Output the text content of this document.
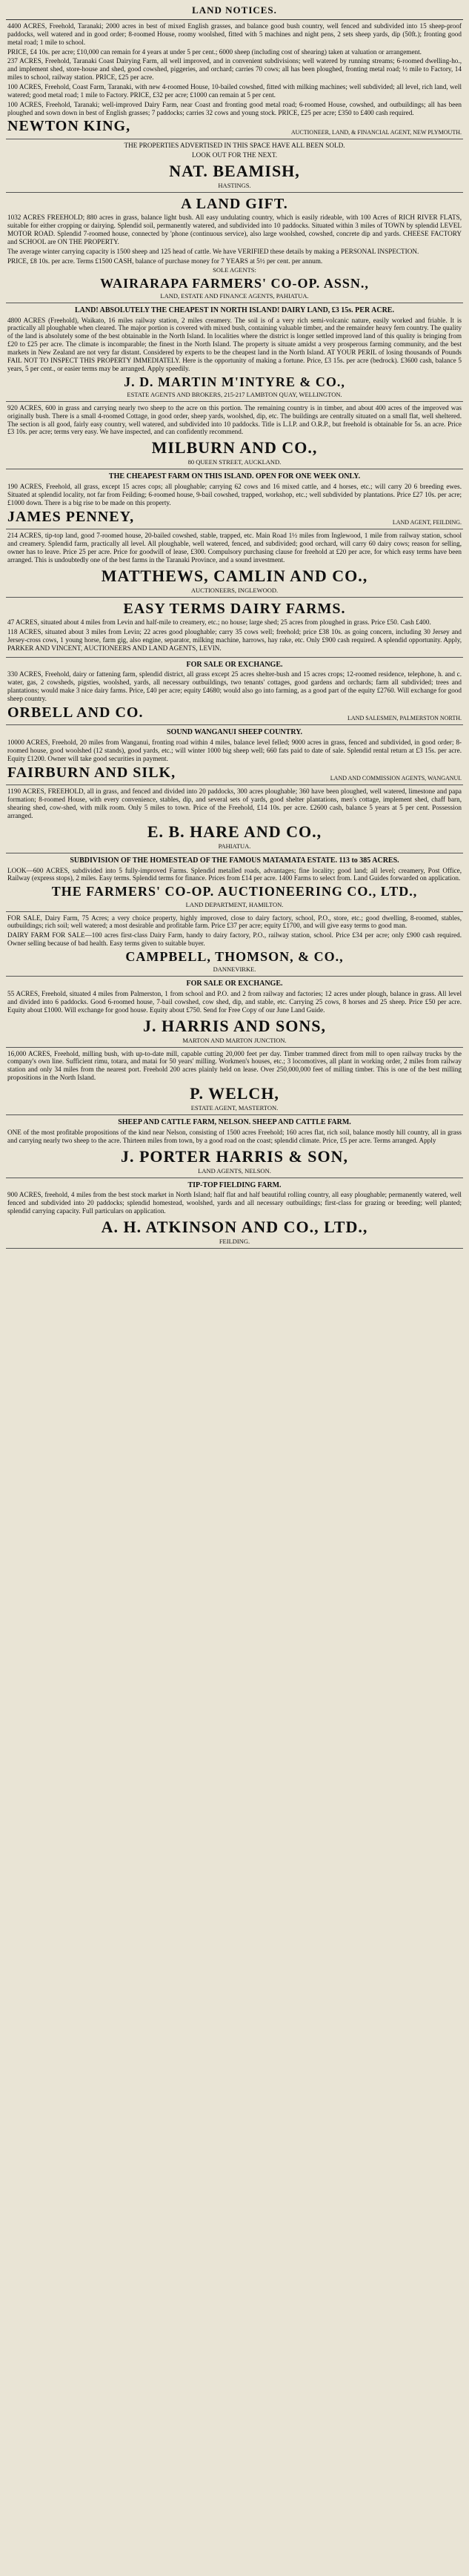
LAND NOTICES.

4400 ACRES, Freehold, Taranaki; 2000 acres in best of mixed English grasses, and balance good bush country, well fenced and subdivided into 15 sheep-proof paddocks, well watered and in good order; 8-roomed House, roomy woolshed, fitted with 5 machines and night pens, 2 sets sheep yards, dip (50ft.); fronting good metal road; 1 mile to school.

PRICE, £4 10s. per acre; £10,000 can remain for 4 years at under 5 per cent.; 6000 sheep (including cost of shearing) taken at valuation or arrangement.

237 ACRES, Freehold, Taranaki Coast Dairying Farm, all well improved, and in convenient subdivisions; well watered by running streams; 6-roomed dwelling-ho., and implement shed, store-house and shed, good cowshed, piggeries, and orchard; carries 70 cows; all has been ploughed, fronting metal road; ½ mile to Factory, 14 miles to school, railway station. PRICE, £25 per acre.

100 ACRES, Freehold, Coast Farm, Taranaki, with new 4-roomed House, 10-bailed cowshed, fitted with milking machines; well subdivided; all level, rich land, well watered; good metal road; 1 mile to Factory. PRICE, £32 per acre; £1000 can remain at 5 per cent.

100 ACRES, Freehold, Taranaki; well-improved Dairy Farm, near Coast and fronting good metal road; 6-roomed House, cowshed, and outbuildings; all has been ploughed and sown down in best of English grasses; 7 paddocks; carries 32 cows and young stock. PRICE, £25 per acre; £350 to £400 cash required.

NEWTON KING,	AUCTIONEER, LAND, & FINANCIAL AGENT, NEW PLYMOUTH.

THE PROPERTIES ADVERTISED IN THIS SPACE HAVE ALL BEEN SOLD.

LOOK OUT FOR THE NEXT.

NAT. BEAMISH,
HASTINGS.
A LAND GIFT.

1032 ACRES FREEHOLD; 880 acres in grass, balance light bush. All easy undulating country, which is easily rideable, with 100 Acres of RICH RIVER FLATS, suitable for either cropping or dairying. Splendid soil, permanently watered, and subdivided into 10 paddocks. Situated within 3 miles of TOWN by splendid LEVEL MOTOR ROAD. Splendid 7-roomed house, connected by 'phone (continuous service), also large woolshed, cowshed, concrete dip and yards. CHEESE FACTORY and SCHOOL are ON THE PROPERTY.

The average winter carrying capacity is 1500 sheep and 125 head of cattle. We have VERIFIED these details by making a PERSONAL INSPECTION.

PRICE, £8 10s. per acre. Terms £1500 CASH, balance of purchase money for 7 YEARS at 5½ per cent. per annum.

SOLE AGENTS:
WAIRARAPA FARMERS' CO-OP. ASSN.,
LAND, ESTATE AND FINANCE AGENTS, PAHIATUA.
LAND! ABSOLUTELY THE CHEAPEST IN NORTH ISLAND! DAIRY LAND, £3 15s. PER ACRE.

4800 ACRES (Freehold), Waikato, 16 miles railway station, 2 miles creamery. The soil is of a very rich semi-volcanic nature, easily worked and friable. It is practically all ploughable when cleared. The major portion is covered with mixed bush, containing valuable timber, and the remainder heavy fern country. The quality of the land is absolutely some of the best obtainable in the North Island. In localities where the district is longer settled improved land of this quality is bringing from £20 to £25 per acre. The climate is incomparable; the finest in the North Island. The property is situate amidst a very prosperous farming community, and the best markets in New Zealand are not very far distant. Considered by experts to be the cheapest land in the North Island. AT YOUR PERIL of losing thousands of Pounds FAIL NOT TO INSPECT THIS PROPERTY IMMEDIATELY. Here is the opportunity of making a fortune. Price, £3 15s. per acre (bedrock). £3600 cash, balance 5 years, 5 per cent., or easier terms may be arranged. Apply speedily.

J. D. MARTIN M'INTYRE & CO.,
ESTATE AGENTS AND BROKERS, 215-217 LAMBTON QUAY, WELLINGTON.

920 ACRES, 600 in grass and carrying nearly two sheep to the acre on this portion. The remaining country is in timber, and about 400 acres of the improved was originally bush. There is a small 4-roomed Cottage, in good order, sheep yards, woolshed, dip, etc. The buildings are centrally situated on a small flat, well sheltered. The section is all good, fairly easy country, well watered, and subdivided into 10 paddocks. Title is L.I.P. and O.R.P., but freehold is obtainable for 5s. an acre. Price £3 10s. per acre; terms very easy. We have inspected, and can confidently recommend.

MILBURN AND CO.,
80 QUEEN STREET, AUCKLAND.
THE CHEAPEST FARM ON THIS ISLAND. OPEN FOR ONE WEEK ONLY.

190 ACRES, Freehold, all grass, except 15 acres cops; all ploughable; carrying 62 cows and 16 mixed cattle, and 4 horses, etc.; will carry 20 6 breeding ewes. Situated at splendid locality, not far from Feilding; 6-roomed house, 9-bail cowshed, trapped, workshop, etc.; well subdivided by plantations. Price £27 10s. per acre; £1000 down. There is a big rise to be made on this property.

JAMES PENNEY,	LAND AGENT, FEILDING.

214 ACRES, tip-top land, good 7-roomed house, 20-bailed cowshed, stable, trapped, etc. Main Road 1½ miles from Inglewood, 1 mile from railway station, school and creamery. Splendid farm, practically all level. All ploughable, well watered, fenced, and subdivided; good orchard, will carry 60 dairy cows; reason for selling, owner has to leave. Price 25 per acre. Price for goodwill of lease, £300. Compulsory purchasing clause for freehold at £20 per acre, for which easy terms have been arranged. This is undoubtedly one of the best farms in the Taranaki Province, and a sound investment.

MATTHEWS, CAMLIN AND CO.,
AUCTIONEERS, INGLEWOOD.
EASY TERMS DAIRY FARMS.

47 ACRES, situated about 4 miles from Levin and half-mile to creamery, etc.; no house; large shed; 25 acres from ploughed in grass. Price £50. Cash £400.

118 ACRES, situated about 3 miles from Levin; 22 acres good ploughable; carry 35 cows well; freehold; price £38 10s. as going concern, including 30 Jersey and Jersey-cross cows, 1 young horse, farm gig, also engine, separator, milking machine, harrows, hay rake, etc. Only £900 cash required. A splendid opportunity. Apply, PARKER AND VINCENT, AUCTIONEERS AND LAND AGENTS, LEVIN.

FOR SALE OR EXCHANGE.

330 ACRES, Freehold, dairy or fattening farm, splendid district, all grass except 25 acres shelter-bush and 15 acres crops; 12-roomed residence, telephone, h. and c. water, gas, 2 cowsheds, pigsties, woolshed, yards, all necessary outbuildings, two tenants' cottages, good gardens and orchards; farm all subdivided; trees and plantations; would make 3 nice dairy farms. Price, £40 per acre; equity £4680; would also go into farming, as a good part of the equity £2760. Will exchange for good sheep country.

ORBELL AND CO.	LAND SALESMEN, PALMERSTON NORTH.
SOUND WANGANUI SHEEP COUNTRY.

10000 ACRES, Freehold, 20 miles from Wanganui, fronting road within 4 miles, balance level felled; 9000 acres in grass, fenced and subdivided, in good order; 8-roomed house, good woolshed (12 stands), good yards, etc.; will winter 1000 big sheep well; 660 fats paid to date of sale. Splendid rental return at £3 15s. per acre. Equity £1200. Owner will take good securities in payment.

FAIRBURN AND SILK,	LAND AND COMMISSION AGENTS, WANGANUI.

1190 ACRES, FREEHOLD, all in grass, and fenced and divided into 20 paddocks, 300 acres ploughable; 360 have been ploughed, well watered, limestone and papa formation; 8-roomed House, with every convenience, stables, dip, and several sets of yards, good shelter plantations, men's cottage, implement shed, chaff barn, shearing shed, cow-shed, with milk room. Only 5 miles to town. Price of the Freehold, £14 10s. per acre. £2600 cash, balance 5 years at 5 per cent. Possession arranged.

E. B. HARE AND CO.,
PAHIATUA.
SUBDIVISION OF THE HOMESTEAD OF THE FAMOUS MATAMATA ESTATE. 113 to 385 ACRES.

LOOK—600 ACRES, subdivided into 5 fully-improved Farms. Splendid metalled roads, advantages; fine locality; good land; all level; creamery, Post Office, Railway (express stops), 2 miles. Easy terms. Splendid terms for finance. Prices from £14 per acre. 1400 Farms to select from. Land Guides forwarded on application.

THE FARMERS' CO-OP. AUCTIONEERING CO., LTD.,
LAND DEPARTMENT, HAMILTON.

FOR SALE, Dairy Farm, 75 Acres; a very choice property, highly improved, close to dairy factory, school, P.O., store, etc.; good dwelling, 8-roomed, stables, outbuildings; rich soil; well watered; a most desirable and profitable farm. Price £37 per acre; equity £1700, and will give easy terms to good man.

DAIRY FARM FOR SALE—100 acres first-class Dairy Farm, handy to dairy factory, P.O., railway station, school. Price £34 per acre; only £900 cash required. Owner selling because of bad health. Easy terms given to suitable buyer.

CAMPBELL, THOMSON, & CO.,
DANNEVIRKE.
FOR SALE OR EXCHANGE.

55 ACRES, Freehold, situated 4 miles from Palmerston, 1 from school and P.O. and 2 from railway and factories; 12 acres under plough, balance in grass. All level and divided into 6 paddocks. Good 6-roomed house, 7-bail cowshed, cow shed, dip, and stable, etc. Carrying 25 cows, 8 horses and 25 sheep. Price £50 per acre. Equity about £1000. Will exchange for good house. Equity about £750. Send for Free Copy of our June Land Guide.

J. HARRIS AND SONS,
MARTON AND MARTON JUNCTION.

16,000 ACRES, Freehold, milling bush, with up-to-date mill, capable cutting 20,000 feet per day. Timber trammed direct from mill to open railway trucks by the company's own line. Sufficient rimu, totara, and matai for 50 years' milling. Workmen's houses, etc.; 3 locomotives, all plant in working order, 2 miles from railway station and only 34 miles from the nearest port. Freehold 200 acres plainly held on lease. Over 250,000,000 feet of milling timber. This is one of the best milling propositions in the North Island.

P. WELCH,
ESTATE AGENT, MASTERTON.
SHEEP AND CATTLE FARM, NELSON. SHEEP AND CATTLE FARM.

ONE of the most profitable propositions of the kind near Nelson, consisting of 1500 acres Freehold; 160 acres flat, rich soil, balance mostly hill country, all in grass and carrying nearly two sheep to the acre. Thirteen miles from town, by a good road on the coast; splendid climate. Price, £5 per acre. Terms arranged. Apply

J. PORTER HARRIS & SON,
LAND AGENTS, NELSON.
TIP-TOP FIELDING FARM.

900 ACRES, freehold, 4 miles from the best stock market in North Island; half flat and half beautiful rolling country, all easy ploughable; permanently watered, well fenced and subdivided into 20 paddocks; splendid homestead, woolshed, yards and all necessary outbuildings; first-class for grazing or breeding; well planted; splendid carrying capacity. Full particulars on application.

A. H. ATKINSON AND CO., LTD.,
FEILDING.
